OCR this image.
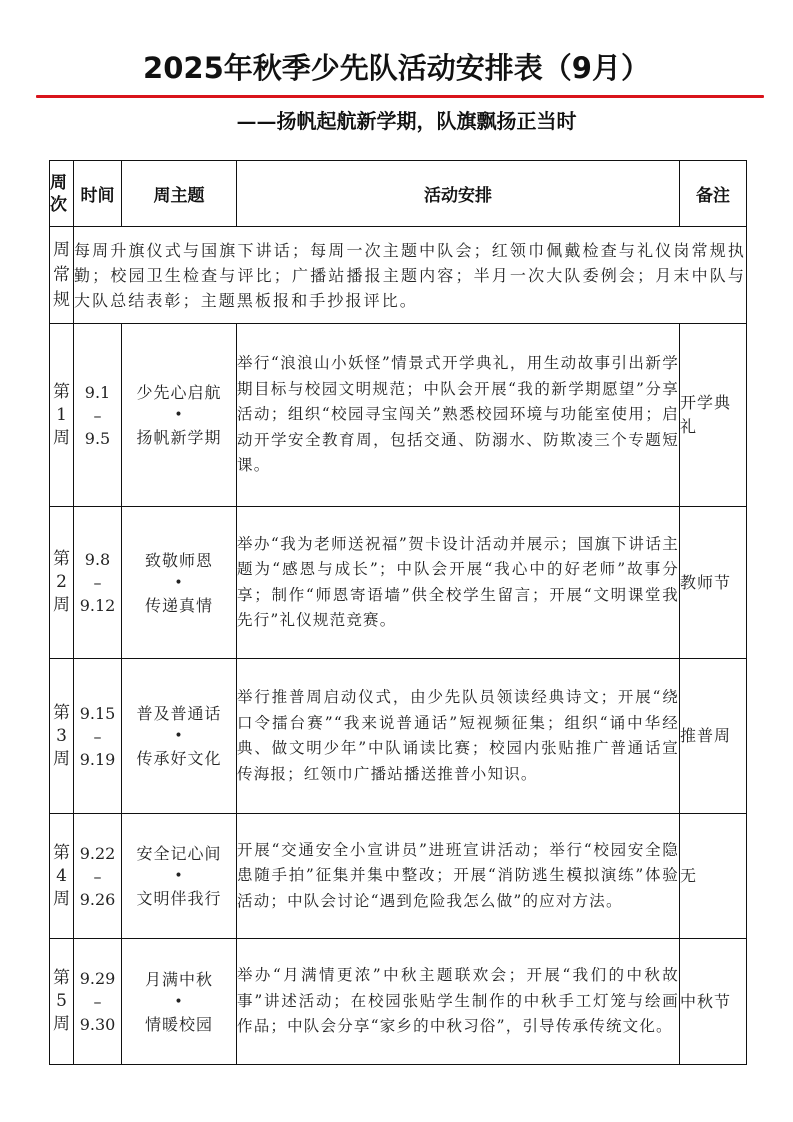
2025年秋季少先队活动安排表（9月）
——扬帆起航新学期，队旗飘扬正当时
周
次	时间	周主题	活动安排	备注

周
常
规	每周升旗仪式与国旗下讲话；每周一次主题中队会；红领巾佩戴检查与礼仪岗常规执勤；校园卫生检查与评比；广播站播报主题内容；半月一次大队委例会；月末中队与大队总结表彰；主题黑板报和手抄报评比。			

第
1
周	9.1
–
9.5	少先心启航
•
扬帆新学期	举行“浪浪山小妖怪”情景式开学典礼，用生动故事引出新学期目标与校园文明规范；中队会开展“我的新学期愿望”分享活动；组织“校园寻宝闯关”熟悉校园环境与功能室使用；启动开学安全教育周，包括交通、防溺水、防欺凌三个专题短课。	开学典礼

第
2
周	9.8
–
9.12	致敬师恩
•
传递真情	举办“我为老师送祝福”贺卡设计活动并展示；国旗下讲话主题为“感恩与成长”；中队会开展“我心中的好老师”故事分享；制作“师恩寄语墙”供全校学生留言；开展“文明课堂我先行”礼仪规范竞赛。	教师节

第
3
周	9.15
–
9.19	普及普通话
•
传承好文化	举行推普周启动仪式，由少先队员领读经典诗文；开展“绕口令擂台赛”“我来说普通话”短视频征集；组织“诵中华经典、做文明少年”中队诵读比赛；校园内张贴推广普通话宣传海报；红领巾广播站播送推普小知识。	推普周

第
4
周	9.22
–
9.26	安全记心间
•
文明伴我行	开展“交通安全小宣讲员”进班宣讲活动；举行“校园安全隐患随手拍”征集并集中整改；开展“消防逃生模拟演练”体验活动；中队会讨论“遇到危险我怎么做”的应对方法。	无

第
5
周	9.29
–
9.30	月满中秋
•
情暖校园	举办“月满情更浓”中秋主题联欢会；开展“我们的中秋故事”讲述活动；在校园张贴学生制作的中秋手工灯笼与绘画作品；中队会分享“家乡的中秋习俗”，引导传承传统文化。	中秋节
